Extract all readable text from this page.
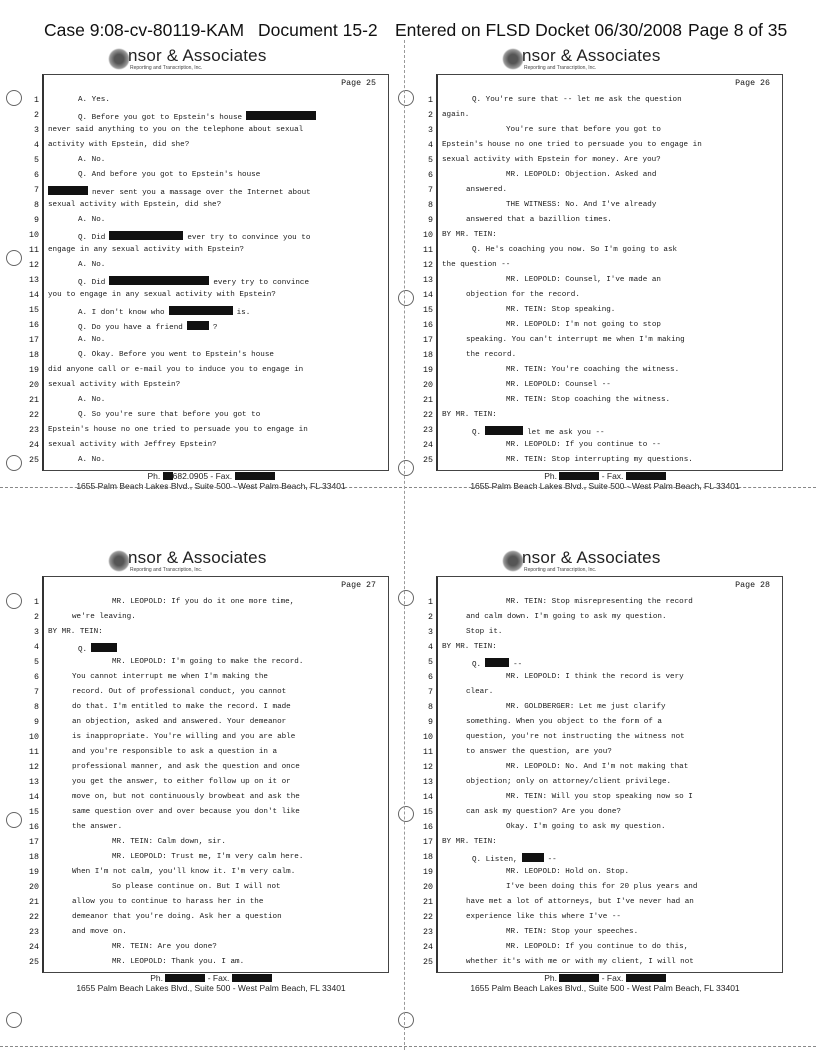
Case 9:08-cv-80119-KAM Document 15-2 Entered on FLSD Docket 06/30/2008 Page 8 of 35
nsor & Associates
Reporting and Transcription, Inc.
Page 25
1	A. Yes.
2	Q. Before you got to Epstein's house
3 never said anything to you on the telephone about sexual
4 activity with Epstein, did she?
5	A. No.
6	Q. And before you got to Epstein's house
7	never sent you a massage over the Internet about
8 sexual activity with Epstein, did she?
9	A. No.
10	Q. Did	ever try to convince you to
11 engage in any sexual activity with Epstein?
12	A. No.
13	Q. Did	every try to convince
14 you to engage in any sexual activity with Epstein?
15	A. I don't know who	is.
16	Q. Do you have a friend	?
17	A. No.
18	Q. Okay. Before you went to Epstein's house
19 did anyone call or e-mail you to induce you to engage in
20 sexual activity with Epstein?
21	A. No.
22	Q. So you're sure that before you got to
23 Epstein's house no one tried to persuade you to engage in
24 sexual activity with Jeffrey Epstein?
25	A. No.
Ph. 682.0905 - Fax.
1655 Palm Beach Lakes Blvd., Suite 500 - West Palm Beach, FL 33401
nsor & Associates
Reporting and Transcription, Inc.
Page 26
1	Q. You're sure that -- let me ask the question
2 again.
3	You're sure that before you got to
4 Epstein's house no one tried to persuade you to engage in
5 sexual activity with Epstein for money. Are you?
6	MR. LEOPOLD: Objection. Asked and
7	answered.
8	THE WITNESS: No. And I've already
9	answered that a bazillion times.
10 BY MR. TEIN:
11	Q. He's coaching you now. So I'm going to ask
12 the question --
13	MR. LEOPOLD: Counsel, I've made an
14	objection for the record.
15	MR. TEIN: Stop speaking.
16	MR. LEOPOLD: I'm not going to stop
17	speaking. You can't interrupt me when I'm making
18	the record.
19	MR. TEIN: You're coaching the witness.
20	MR. LEOPOLD: Counsel --
21	MR. TEIN: Stop coaching the witness.
22 BY MR. TEIN:
23	Q.	let me ask you --
24	MR. LEOPOLD: If you continue to --
25	MR. TEIN: Stop interrupting my questions.
Ph.	- Fax.
1655 Palm Beach Lakes Blvd., Suite 500 - West Palm Beach, FL 33401
nsor & Associates
Reporting and Transcription, Inc.
Page 27
1	MR. LEOPOLD: If you do it one more time,
2	we're leaving.
3 BY MR. TEIN:
4	Q.
5	MR. LEOPOLD: I'm going to make the record.
6	You cannot interrupt me when I'm making the
7	record. Out of professional conduct, you cannot
8	do that. I'm entitled to make the record. I made
9	an objection, asked and answered. Your demeanor
10	is inappropriate. You're willing and you are able
11	and you're responsible to ask a question in a
12	professional manner, and ask the question and once
13	you get the answer, to either follow up on it or
14	move on, but not continuously browbeat and ask the
15	same question over and over because you don't like
16	the answer.
17	MR. TEIN: Calm down, sir.
18	MR. LEOPOLD: Trust me, I'm very calm here.
19	When I'm not calm, you'll know it. I'm very calm.
20	So please continue on. But I will not
21	allow you to continue to harass her in the
22	demeanor that you're doing. Ask her a question
23	and move on.
24	MR. TEIN: Are you done?
25	MR. LEOPOLD: Thank you. I am.
Ph.	- Fax.
1655 Palm Beach Lakes Blvd., Suite 500 - West Palm Beach, FL 33401
nsor & Associates
Reporting and Transcription, Inc.
Page 28
1	MR. TEIN: Stop misrepresenting the record
2	and calm down. I'm going to ask my question.
3	Stop it.
4 BY MR. TEIN:
5	Q.	--
6	MR. LEOPOLD: I think the record is very
7	clear.
8	MR. GOLDBERGER: Let me just clarify
9	something. When you object to the form of a
10	question, you're not instructing the witness not
11	to answer the question, are you?
12	MR. LEOPOLD: No. And I'm not making that
13	objection; only on attorney/client privilege.
14	MR. TEIN: Will you stop speaking now so I
15	can ask my question? Are you done?
16	Okay. I'm going to ask my question.
17 BY MR. TEIN:
18	Q. Listen,	--
19	MR. LEOPOLD: Hold on. Stop.
20	I've been doing this for 20 plus years and
21	have met a lot of attorneys, but I've never had an
22	experience like this where I've --
23	MR. TEIN: Stop your speeches.
24	MR. LEOPOLD: If you continue to do this,
25	whether it's with me or with my client, I will not
Ph.	- Fax.
1655 Palm Beach Lakes Blvd., Suite 500 - West Palm Beach, FL 33401
